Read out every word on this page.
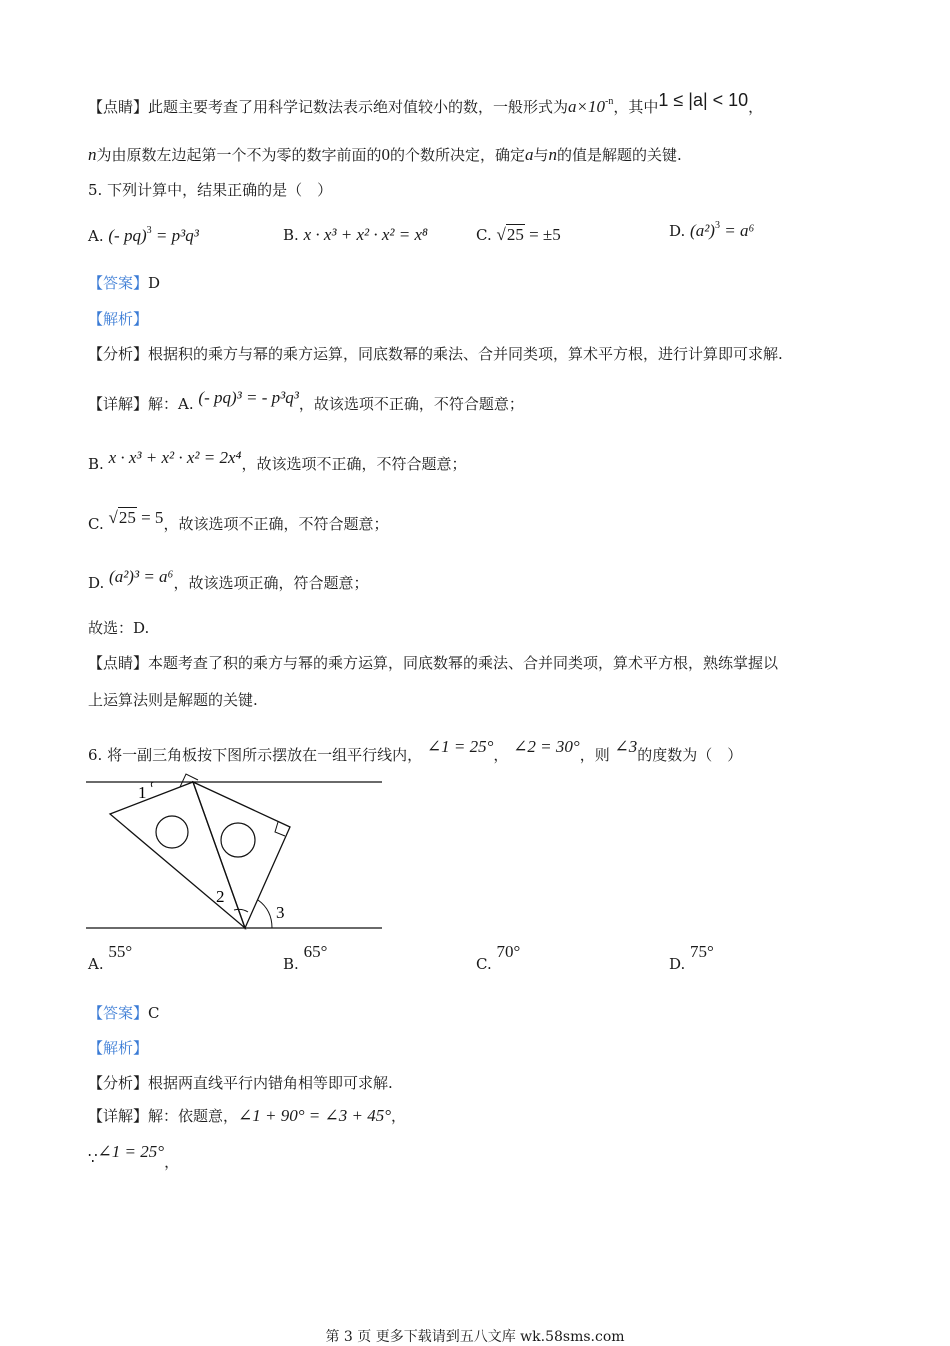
【点睛】此题主要考查了用科学记数法表示绝对值较小的数，一般形式为$a\times 10^{-n}$，其中1 ≤ |a| < 10，
n为由原数左边起第一个不为零的数字前面的0的个数所决定，确定a与n的值是解题的关键.
5. 下列计算中，结果正确的是（　）
A. (- pq)$^3$ = p³q³	B. x · x³ + x² · x² = x⁸	C. √25 = ±5	D. $(a^2)^3 = a^6$
【答案】D
【解析】
【分析】根据积的乘方与幂的乘方运算，同底数幂的乘法、合并同类项，算术平方根，进行计算即可求解.
【详解】解：A. (- pq)³ = - p³q³，故该选项不正确，不符合题意；
B. x · x³ + x² · x² = 2x⁴，故该选项不正确，不符合题意；
C. √25 = 5，故该选项不正确，不符合题意；
D. (a²)³ = a⁶，故该选项正确，符合题意；
故选：D.
【点睛】本题考查了积的乘方与幂的乘方运算，同底数幂的乘法、合并同类项，算术平方根，熟练掌握以
上运算法则是解题的关键.
6. 将一副三角板按下图所示摆放在一组平行线内， ∠1 = 25°， ∠2 = 30°，则 ∠3的度数为（　）
1
2
3
A. 55°
B. 65°
C. 70°
D. 75°
【答案】C
【解析】
【分析】根据两直线平行内错角相等即可求解.
【详解】解：依题意，∠1 + 90° = ∠3 + 45°，
∵∠1 = 25°，
第 3 页 更多下载请到五八文库 wk.58sms.com
